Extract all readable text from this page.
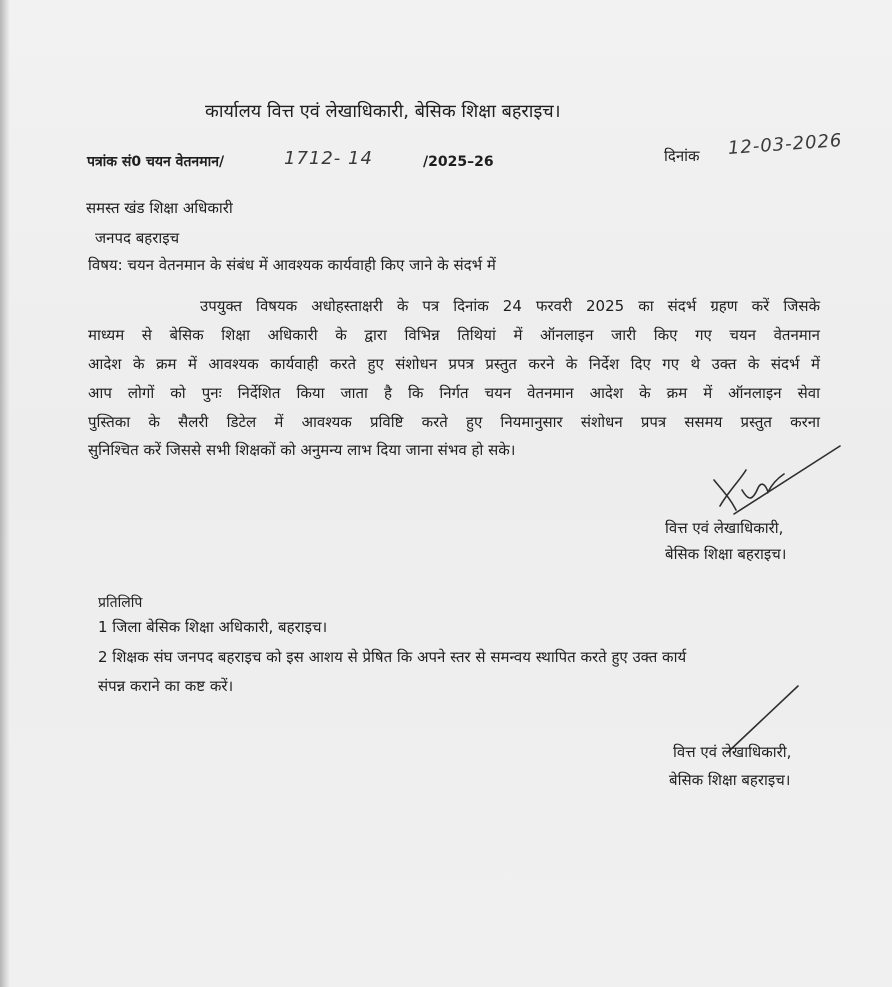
कार्यालय वित्त एवं लेखाधिकारी, बेसिक शिक्षा बहराइच।
पत्रांक सं0 चयन वेतनमान/	1712- 14	/2025–26	दिनांक 12-03-2026
समस्त खंड शिक्षा अधिकारी
जनपद बहराइच
विषय: चयन वेतनमान के संबंध में आवश्यक कार्यवाही किए जाने के संदर्भ में
उपयुक्त विषयक अधोहस्ताक्षरी के पत्र दिनांक 24 फरवरी 2025 का संदर्भ ग्रहण करें जिसके
माध्यम से बेसिक शिक्षा अधिकारी के द्वारा विभिन्न तिथियां में ऑनलाइन जारी किए गए चयन वेतनमान
आदेश के क्रम में आवश्यक कार्यवाही करते हुए संशोधन प्रपत्र प्रस्तुत करने के निर्देश दिए गए थे उक्त के संदर्भ में
आप लोगों को पुनः निर्देशित किया जाता है कि निर्गत चयन वेतनमान आदेश के क्रम में ऑनलाइन सेवा
पुस्तिका के सैलरी डिटेल में आवश्यक प्रविष्टि करते हुए नियमानुसार संशोधन प्रपत्र ससमय प्रस्तुत करना
सुनिश्चित करें जिससे सभी शिक्षकों को अनुमन्य लाभ दिया जाना संभव हो सके।
वित्त एवं लेखाधिकारी,
बेसिक शिक्षा बहराइच।
प्रतिलिपि
1 जिला बेसिक शिक्षा अधिकारी, बहराइच।
2 शिक्षक संघ जनपद बहराइच को इस आशय से प्रेषित कि अपने स्तर से समन्वय स्थापित करते हुए उक्त कार्य
संपन्न कराने का कष्ट करें।
वित्त एवं लेखाधिकारी,
बेसिक शिक्षा बहराइच।
